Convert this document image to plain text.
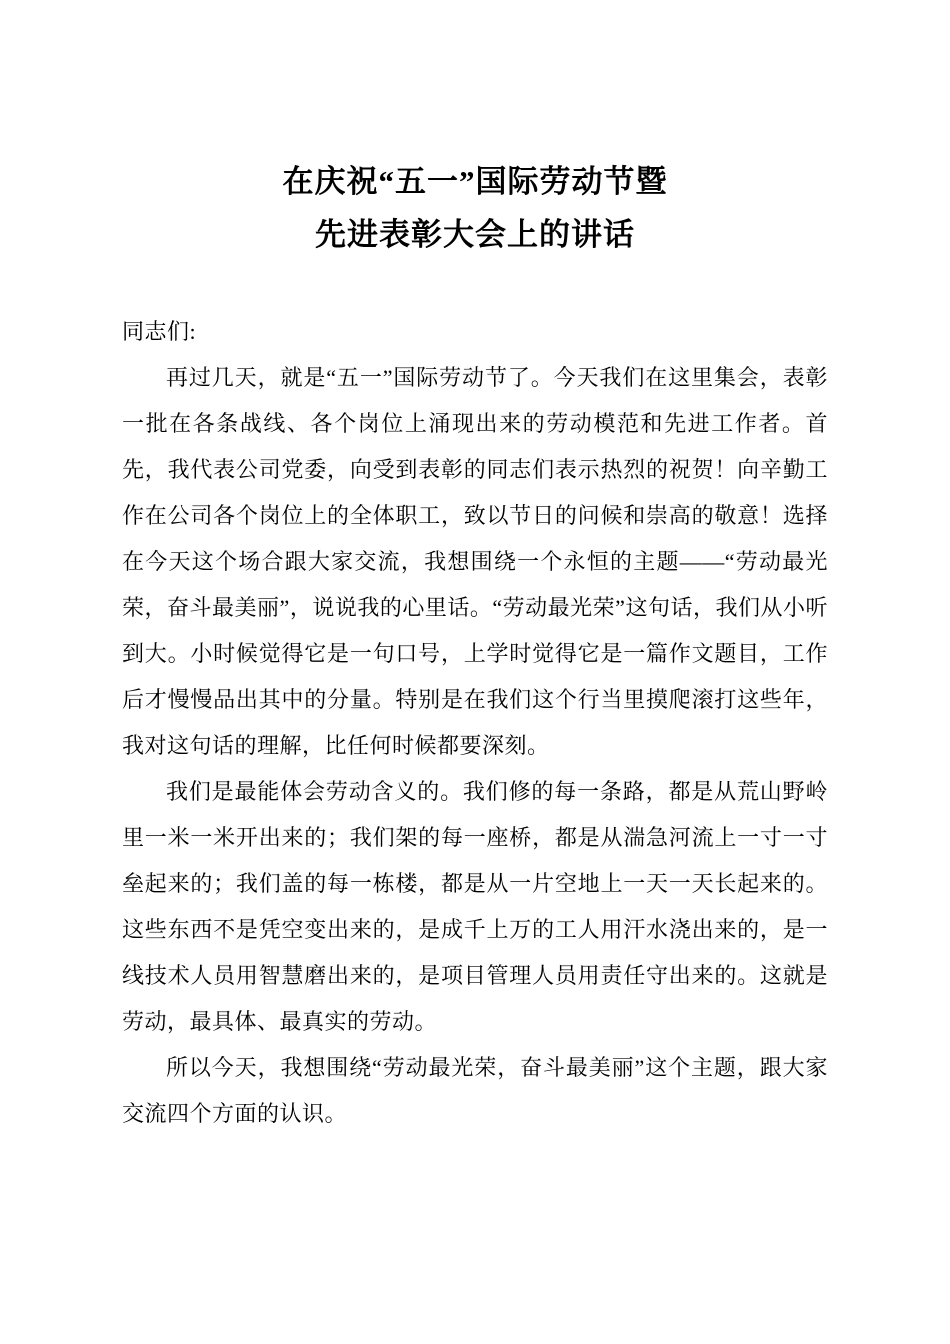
在庆祝“五一”国际劳动节暨
先进表彰大会上的讲话

同志们:

再过几天，就是“五一”国际劳动节了。今天我们在这里集会，表彰一批在各条战线、各个岗位上涌现出来的劳动模范和先进工作者。首先，我代表公司党委，向受到表彰的同志们表示热烈的祝贺！向辛勤工作在公司各个岗位上的全体职工，致以节日的问候和崇高的敬意！选择在今天这个场合跟大家交流，我想围绕一个永恒的主题——“劳动最光荣，奋斗最美丽”，说说我的心里话。“劳动最光荣”这句话，我们从小听到大。小时候觉得它是一句口号，上学时觉得它是一篇作文题目，工作后才慢慢品出其中的分量。特别是在我们这个行当里摸爬滚打这些年，我对这句话的理解，比任何时候都要深刻。

我们是最能体会劳动含义的。我们修的每一条路，都是从荒山野岭里一米一米开出来的；我们架的每一座桥，都是从湍急河流上一寸一寸垒起来的；我们盖的每一栋楼，都是从一片空地上一天一天长起来的。这些东西不是凭空变出来的，是成千上万的工人用汗水浇出来的，是一线技术人员用智慧磨出来的，是项目管理人员用责任守出来的。这就是劳动，最具体、最真实的劳动。

所以今天，我想围绕“劳动最光荣，奋斗最美丽”这个主题，跟大家交流四个方面的认识。
